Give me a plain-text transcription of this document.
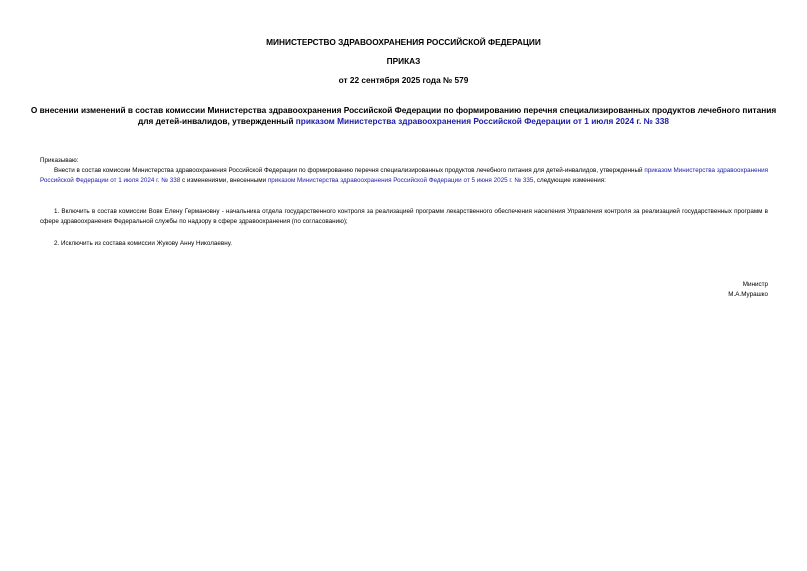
МИНИСТЕРСТВО ЗДРАВООХРАНЕНИЯ РОССИЙСКОЙ ФЕДЕРАЦИИ
ПРИКАЗ
от 22 сентября 2025 года № 579
О внесении изменений в состав комиссии Министерства здравоохранения Российской Федерации по формированию перечня специализированных продуктов лечебного питания для детей-инвалидов, утвержденный приказом Министерства здравоохранения Российской Федерации от 1 июля 2024 г. № 338
Приказываю:
Внести в состав комиссии Министерства здравоохранения Российской Федерации по формированию перечня специализированных продуктов лечебного питания для детей-инвалидов, утвержденный приказом Министерства здравоохранения Российской Федерации от 1 июля 2024 г. № 338 с изменениями, внесенными приказом Министерства здравоохранения Российской Федерации от 5 июня 2025 г. № 335, следующие изменения:
1. Включить в состав комиссии Вовк Елену Германовну - начальника отдела государственного контроля за реализацией программ лекарственного обеспечения населения Управления контроля за реализацией государственных программ в сфере здравоохранения Федеральной службы по надзору в сфере здравоохранения (по согласованию);
2. Исключить из состава комиссии Жукову Анну Николаевну.
Министр
М.А.Мурашко
